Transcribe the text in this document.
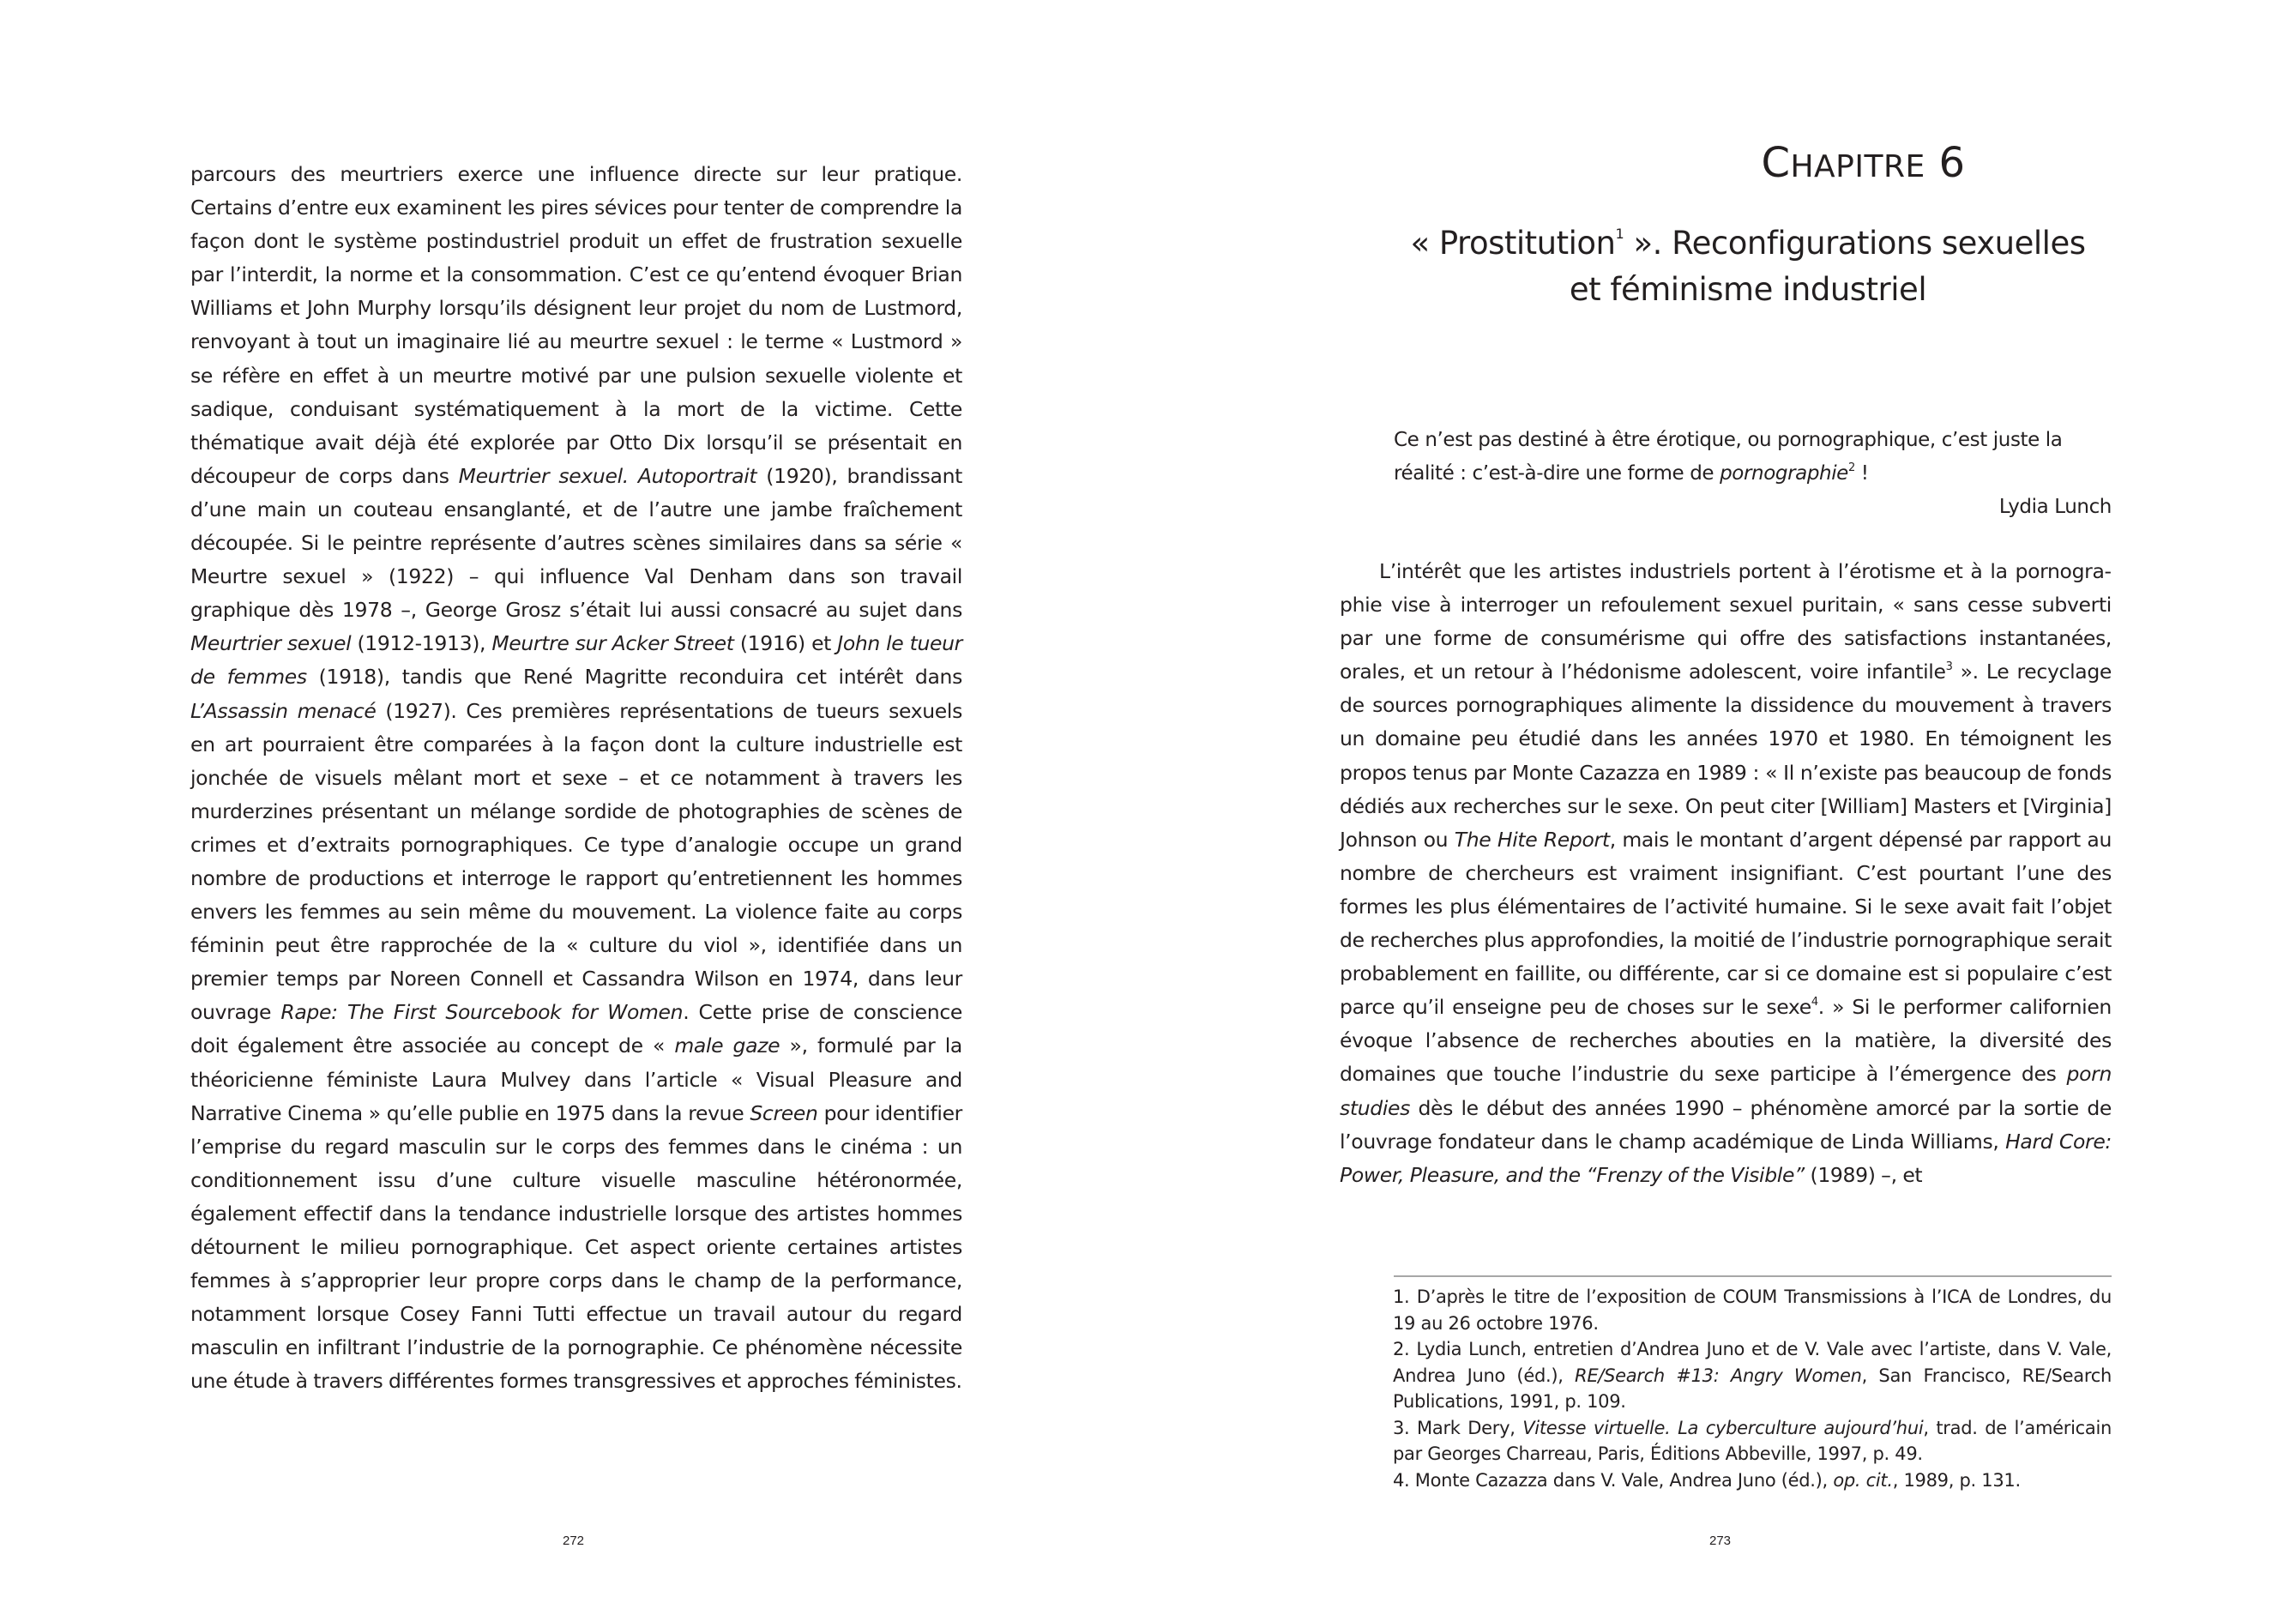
parcours des meurtriers exerce une influence directe sur leur pratique. Certains d’entre eux examinent les pires sévices pour tenter de comprendre la façon dont le système postindustriel produit un effet de frustration sexuelle par l’interdit, la norme et la consommation. C’est ce qu’entend évoquer Brian Williams et John Murphy lorsqu’ils désignent leur projet du nom de Lustmord, renvoyant à tout un imaginaire lié au meurtre sexuel : le terme « Lustmord » se réfère en effet à un meurtre motivé par une pulsion sexuelle violente et sadique, conduisant systématiquement à la mort de la victime. Cette thématique avait déjà été explorée par Otto Dix lorsqu’il se présentait en découpeur de corps dans Meurtrier sexuel. Autoportrait (1920), brandissant d’une main un couteau ensanglanté, et de l’autre une jambe fraîchement découpée. Si le peintre représente d’autres scènes similaires dans sa série « Meurtre sexuel » (1922) – qui influence Val Denham dans son travail graphique dès 1978 –, George Grosz s’était lui aussi consacré au sujet dans Meurtrier sexuel (1912-1913), Meurtre sur Acker Street (1916) et John le tueur de femmes (1918), tandis que René Magritte reconduira cet intérêt dans L’Assassin menacé (1927). Ces premières représentations de tueurs sexuels en art pourraient être comparées à la façon dont la culture industrielle est jonchée de visuels mêlant mort et sexe – et ce notamment à travers les murderzines présentant un mélange sordide de photographies de scènes de crimes et d’extraits pornographiques. Ce type d’analogie occupe un grand nombre de productions et interroge le rapport qu’entretiennent les hommes envers les femmes au sein même du mouvement. La violence faite au corps féminin peut être rapprochée de la « culture du viol », identifiée dans un premier temps par Noreen Connell et Cassandra Wilson en 1974, dans leur ouvrage Rape: The First Sourcebook for Women. Cette prise de conscience doit également être associée au concept de « male gaze », formulé par la théoricienne féministe Laura Mulvey dans l’article « Visual Pleasure and Narrative Cinema » qu’elle publie en 1975 dans la revue Screen pour identifier l’emprise du regard masculin sur le corps des femmes dans le cinéma : un conditionnement issu d’une culture visuelle masculine hétéronormée, également effectif dans la tendance industrielle lorsque des artistes hommes détournent le milieu pornographique. Cet aspect oriente certaines artistes femmes à s’approprier leur propre corps dans le champ de la performance, notamment lorsque Cosey Fanni Tutti effectue un travail autour du regard masculin en infiltrant l’industrie de la pornographie. Ce phénomène nécessite une étude à travers différentes formes transgressives et approches féministes.

272
CHAPITRE 6
« Prostitution$^1$ ». Reconfigurations sexuelles
et féminisme industriel

Ce n’est pas destiné à être érotique, ou pornographique, c’est juste la réalité : c’est-à-dire une forme de pornographie$^2$ !

Lydia Lunch

L’intérêt que les artistes industriels portent à l’érotisme et à la pornographie vise à interroger un refoulement sexuel puritain, « sans cesse subverti par une forme de consumérisme qui offre des satisfactions instantanées, orales, et un retour à l’hédonisme adolescent, voire infantile$^3$ ». Le recyclage de sources pornographiques alimente la dissidence du mouvement à travers un domaine peu étudié dans les années 1970 et 1980. En témoignent les propos tenus par Monte Cazazza en 1989 : « Il n’existe pas beaucoup de fonds dédiés aux recherches sur le sexe. On peut citer [William] Masters et [Virginia] Johnson ou The Hite Report, mais le montant d’argent dépensé par rapport au nombre de chercheurs est vraiment insignifiant. C’est pourtant l’une des formes les plus élémentaires de l’activité humaine. Si le sexe avait fait l’objet de recherches plus approfondies, la moitié de l’industrie pornographique serait probablement en faillite, ou différente, car si ce domaine est si populaire c’est parce qu’il enseigne peu de choses sur le sexe$^4$. » Si le performer californien évoque l’absence de recherches abouties en la matière, la diversité des domaines que touche l’industrie du sexe participe à l’émergence des porn studies dès le début des années 1990 – phénomène amorcé par la sortie de l’ouvrage fondateur dans le champ académique de Linda Williams, Hard Core: Power, Pleasure, and the “Frenzy of the Visible” (1989) –, et

1. D’après le titre de l’exposition de COUM Transmissions à l’ICA de Londres, du 19 au 26 octobre 1976.

2. Lydia Lunch, entretien d’Andrea Juno et de V. Vale avec l’artiste, dans V. Vale, Andrea Juno (éd.), RE/Search #13: Angry Women, San Francisco, RE/Search Publications, 1991, p. 109.

3. Mark Dery, Vitesse virtuelle. La cyberculture aujourd’hui, trad. de l’américain par Georges Charreau, Paris, Éditions Abbeville, 1997, p. 49.

4. Monte Cazazza dans V. Vale, Andrea Juno (éd.), op. cit., 1989, p. 131.

273
